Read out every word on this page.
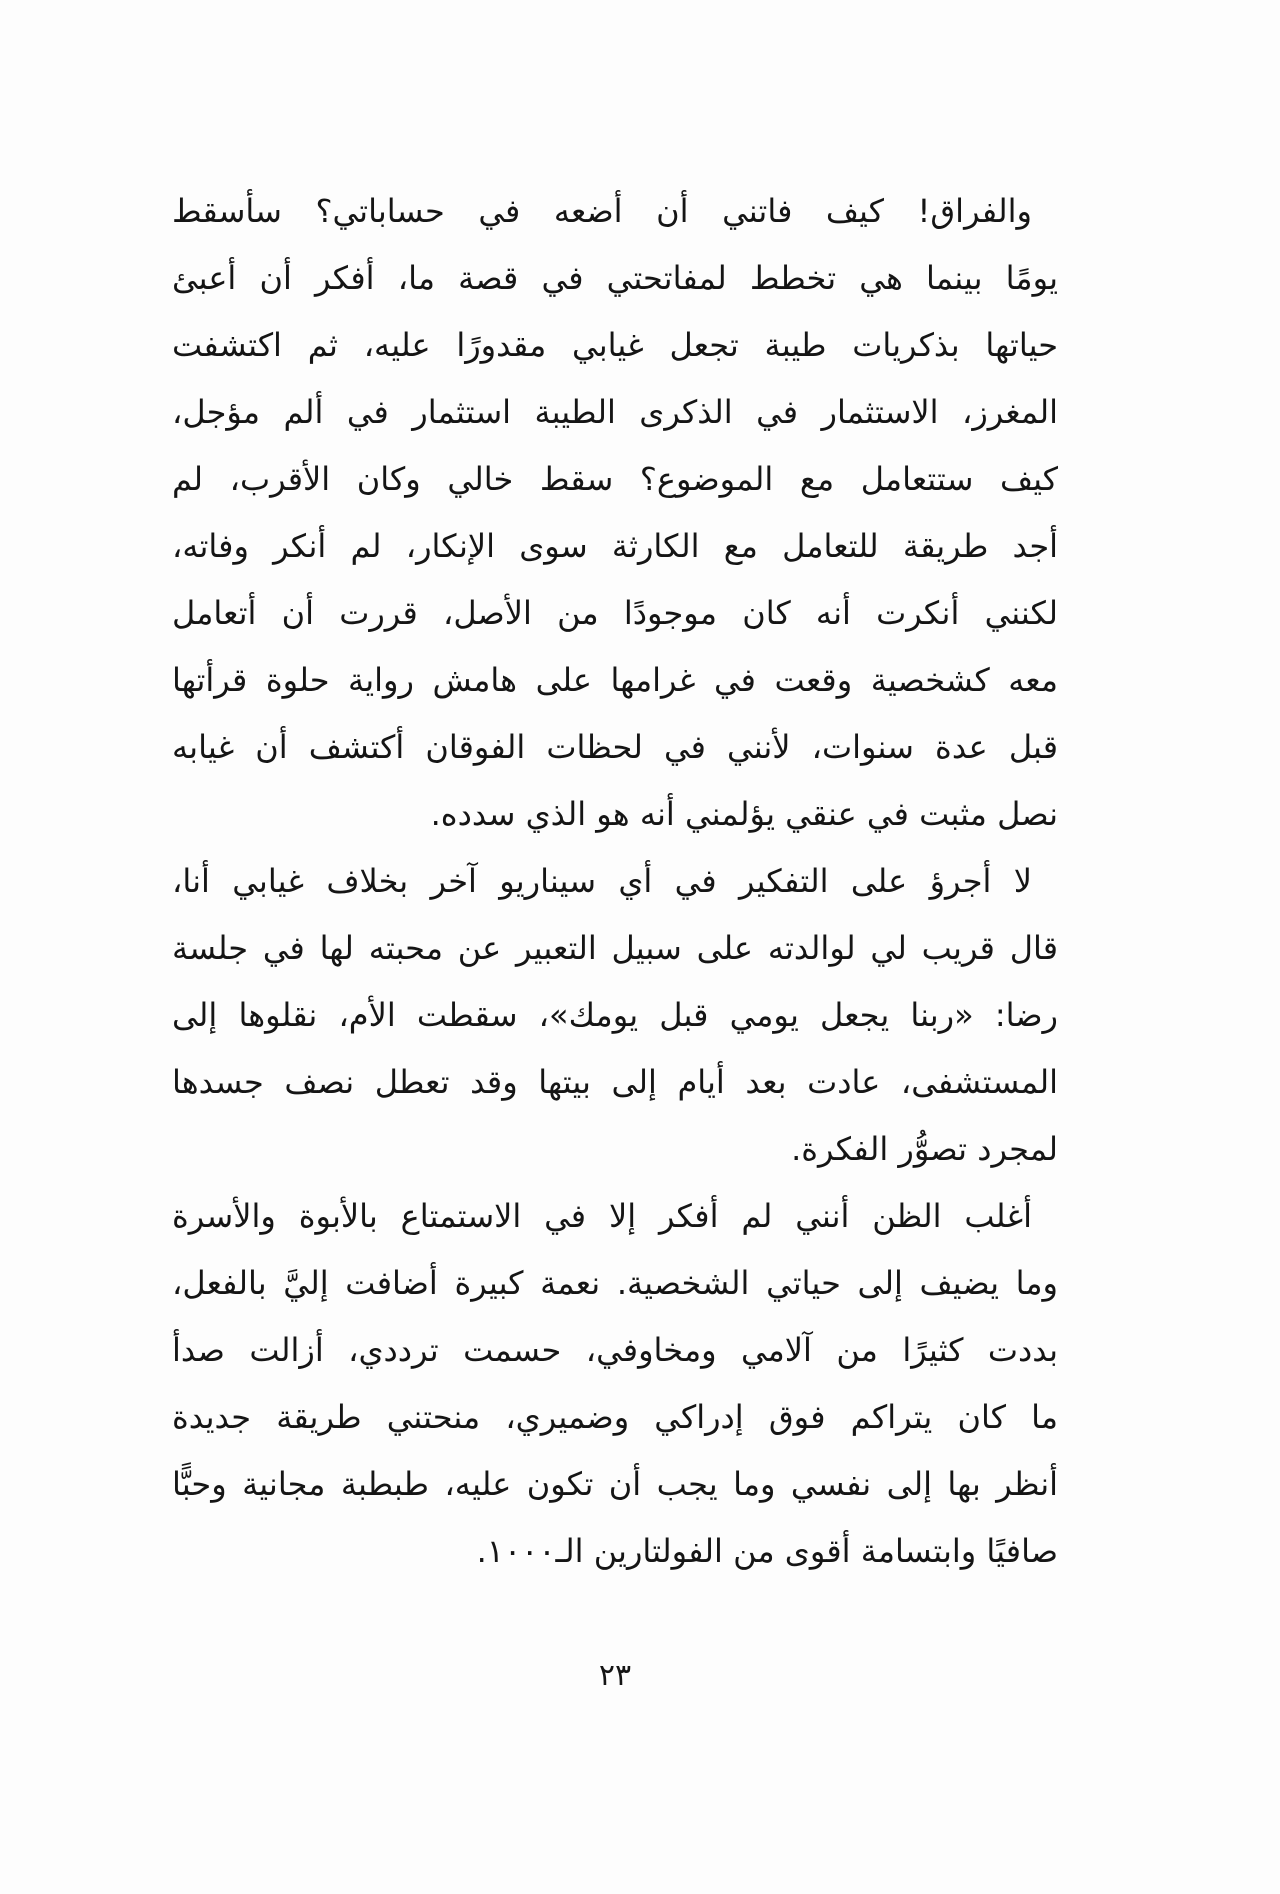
والفراق! كيف فاتني أن أضعه في حساباتي؟ سأسقط
يومًا بينما هي تخطط لمفاتحتي في قصة ما، أفكر أن أعبئ
حياتها بذكريات طيبة تجعل غيابي مقدورًا عليه، ثم اكتشفت
المغرز، الاستثمار في الذكرى الطيبة استثمار في ألم مؤجل،
كيف ستتعامل مع الموضوع؟ سقط خالي وكان الأقرب، لم
أجد طريقة للتعامل مع الكارثة سوى الإنكار، لم أنكر وفاته،
لكنني أنكرت أنه كان موجودًا من الأصل، قررت أن أتعامل
معه كشخصية وقعت في غرامها على هامش رواية حلوة قرأتها
قبل عدة سنوات، لأنني في لحظات الفوقان أكتشف أن غيابه
نصل مثبت في عنقي يؤلمني أنه هو الذي سدده.
لا أجرؤ على التفكير في أي سيناريو آخر بخلاف غيابي أنا،
قال قريب لي لوالدته على سبيل التعبير عن محبته لها في جلسة
رضا: «ربنا يجعل يومي قبل يومك»، سقطت الأم، نقلوها إلى
المستشفى، عادت بعد أيام إلى بيتها وقد تعطل نصف جسدها
لمجرد تصوُّر الفكرة.
أغلب الظن أنني لم أفكر إلا في الاستمتاع بالأبوة والأسرة
وما يضيف إلى حياتي الشخصية. نعمة كبيرة أضافت إليَّ بالفعل،
بددت كثيرًا من آلامي ومخاوفي، حسمت ترددي، أزالت صدأ
ما كان يتراكم فوق إدراكي وضميري، منحتني طريقة جديدة
أنظر بها إلى نفسي وما يجب أن تكون عليه، طبطبة مجانية وحبًّا
صافيًا وابتسامة أقوى من الفولتارين الـ١٠٠٠.
٢٣
